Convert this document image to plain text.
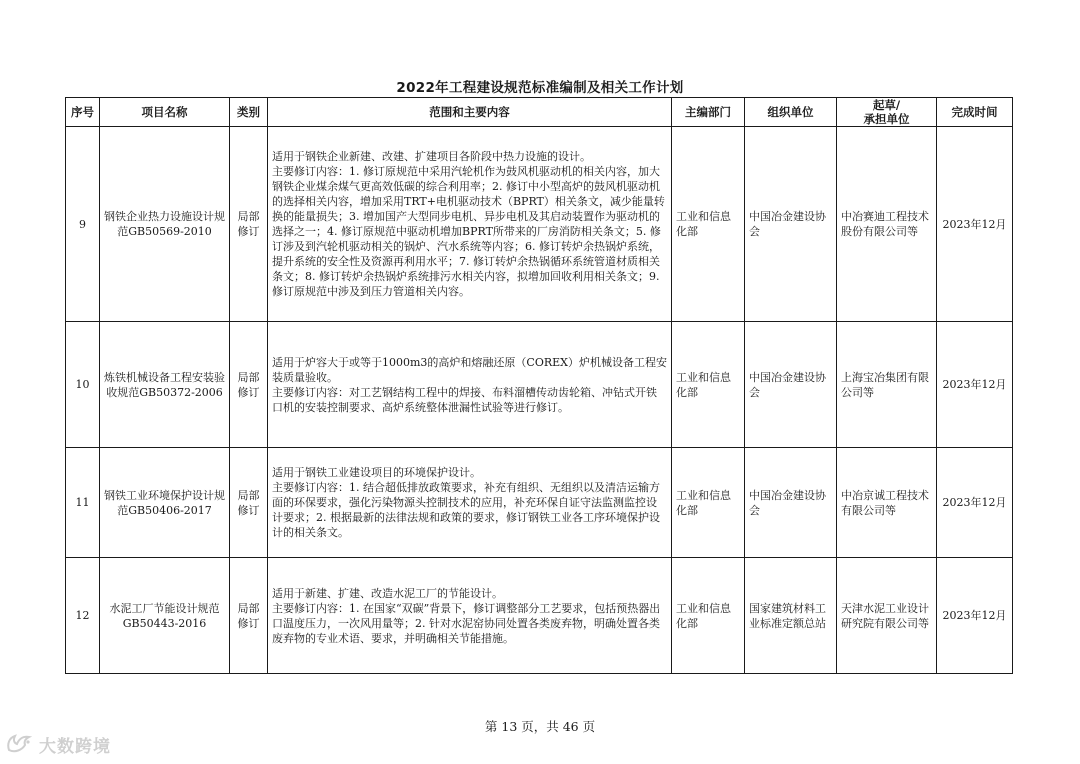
2022年工程建设规范标准编制及相关工作计划
序号	项目名称	类别	范围和主要内容	主编部门	组织单位	起草/
承担单位	完成时间
9	钢铁企业热力设施设计规范GB50569-2010	局部修订	适用于钢铁企业新建、改建、扩建项目各阶段中热力设施的设计。
主要修订内容：1. 修订原规范中采用汽轮机作为鼓风机驱动机的相关内容，加大钢铁企业煤余煤气更高效低碳的综合利用率；2. 修订中小型高炉的鼓风机驱动机的选择相关内容，增加采用TRT+电机驱动技术（BPRT）相关条文，减少能量转换的能量损失；3. 增加国产大型同步电机、异步电机及其启动装置作为驱动机的选择之一；4. 修订原规范中驱动机增加BPRT所带来的厂房消防相关条文；5. 修订涉及到汽轮机驱动相关的锅炉、汽水系统等内容；6. 修订转炉余热锅炉系统，提升系统的安全性及资源再利用水平；7. 修订转炉余热锅循环系统管道材质相关条文；8. 修订转炉余热锅炉系统排污水相关内容，拟增加回收利用相关条文；9. 修订原规范中涉及到压力管道相关内容。	工业和信息化部	中国冶金建设协会	中冶赛迪工程技术股份有限公司等	2023年12月
10	炼铁机械设备工程安装验收规范GB50372-2006	局部修订	适用于炉容大于或等于1000m3的高炉和熔融还原（COREX）炉机械设备工程安装质量验收。
主要修订内容：对工艺钢结构工程中的焊接、布料溜槽传动齿轮箱、冲钻式开铁口机的安装控制要求、高炉系统整体泄漏性试验等进行修订。	工业和信息化部	中国冶金建设协会	上海宝冶集团有限公司等	2023年12月
11	钢铁工业环境保护设计规范GB50406-2017	局部修订	适用于钢铁工业建设项目的环境保护设计。
主要修订内容：1. 结合超低排放政策要求，补充有组织、无组织以及清洁运输方面的环保要求，强化污染物源头控制技术的应用，补充环保自证守法监测监控设计要求；2. 根据最新的法律法规和政策的要求，修订钢铁工业各工序环境保护设计的相关条文。	工业和信息化部	中国冶金建设协会	中冶京诚工程技术有限公司等	2023年12月
12	水泥工厂节能设计规范GB50443-2016	局部修订	适用于新建、扩建、改造水泥工厂的节能设计。
主要修订内容：1. 在国家“双碳”背景下，修订调整部分工艺要求，包括预热器出口温度压力，一次风用量等；2. 针对水泥窑协同处置各类废弃物，明确处置各类废弃物的专业术语、要求，并明确相关节能措施。	工业和信息化部	国家建筑材料工业标准定额总站	天津水泥工业设计研究院有限公司等	2023年12月
第 13 页，共 46 页
大数跨境
